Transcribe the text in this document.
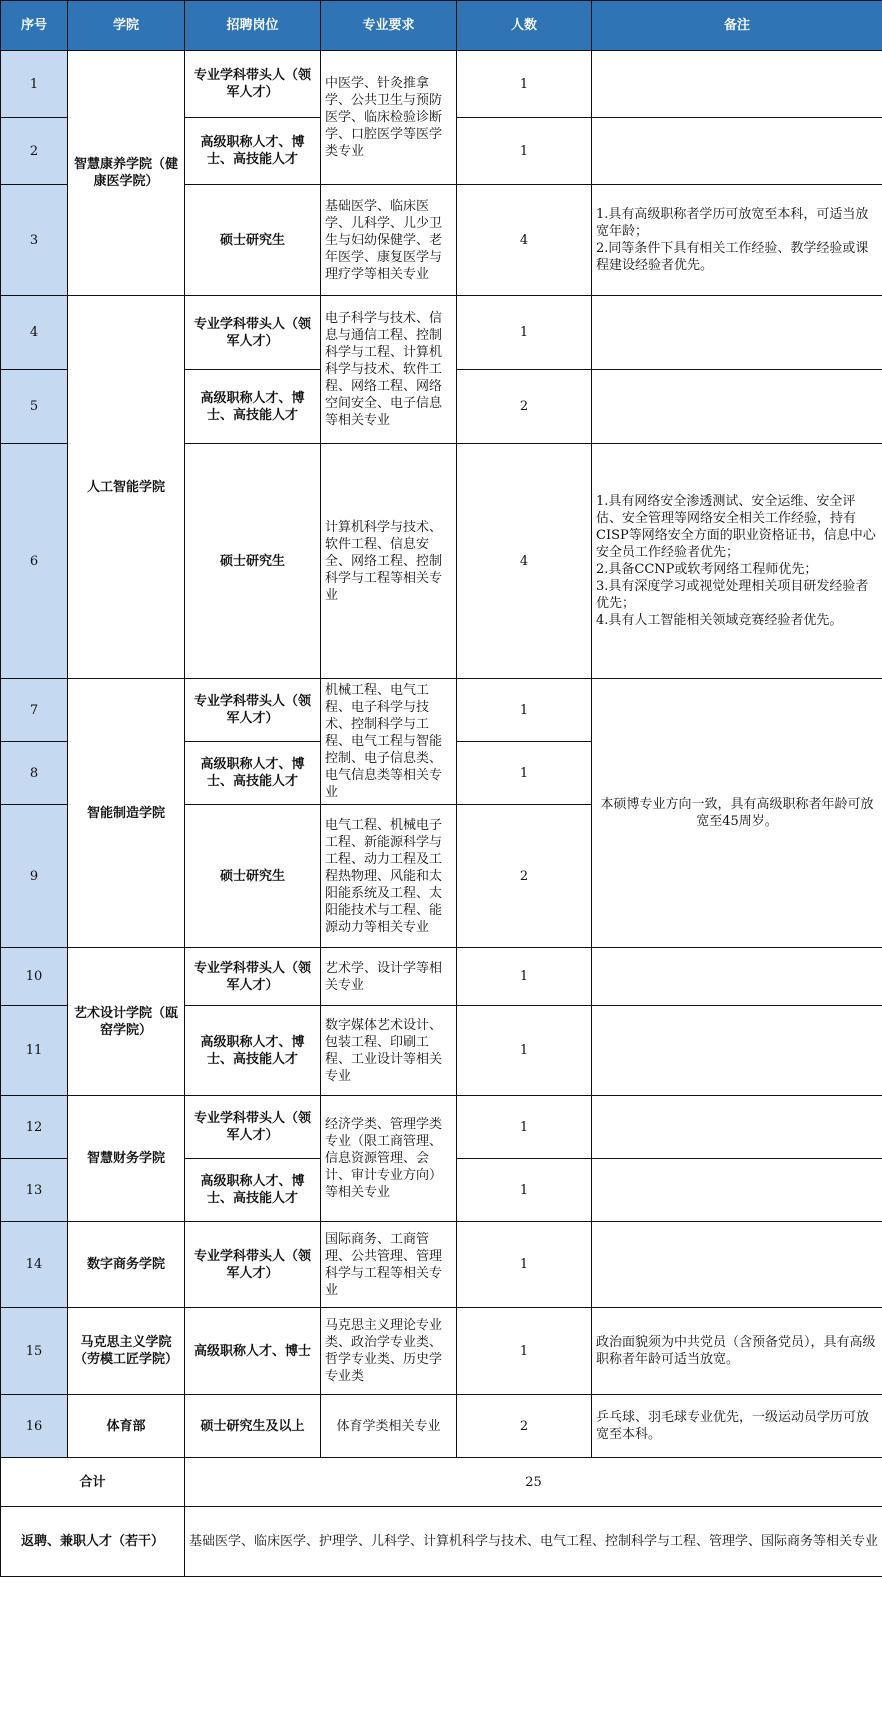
序号	学院	招聘岗位	专业要求	人数	备注
1	智慧康养学院（健康医学院）	专业学科带头人（领军人才）	中医学、针灸推拿学、公共卫生与预防医学、临床检验诊断学、口腔医学等医学类专业	1	
2		高级职称人才、博士、高技能人才		1	
3		硕士研究生	基础医学、临床医学、儿科学、儿少卫生与妇幼保健学、老年医学、康复医学与理疗学等相关专业	4	1.具有高级职称者学历可放宽至本科，可适当放宽年龄；
2.同等条件下具有相关工作经验、教学经验或课程建设经验者优先。
4	人工智能学院	专业学科带头人（领军人才）	电子科学与技术、信息与通信工程、控制科学与工程、计算机科学与技术、软件工程、网络工程、网络空间安全、电子信息等相关专业	1	
5		高级职称人才、博士、高技能人才		2	
6		硕士研究生	计算机科学与技术、软件工程、信息安全、网络工程、控制科学与工程等相关专业	4	1.具有网络安全渗透测试、安全运维、安全评估、安全管理等网络安全相关工作经验，持有CISP等网络安全方面的职业资格证书，信息中心安全员工作经验者优先；
2.具备CCNP或软考网络工程师优先；
3.具有深度学习或视觉处理相关项目研发经验者优先；
4.具有人工智能相关领域竞赛经验者优先。
7	智能制造学院	专业学科带头人（领军人才）	机械工程、电气工程、电子科学与技术、控制科学与工程、电气工程与智能控制、电子信息类、电气信息类等相关专业	1	本硕博专业方向一致，具有高级职称者年龄可放宽至45周岁。
8		高级职称人才、博士、高技能人才		1	
9		硕士研究生	电气工程、机械电子工程、新能源科学与工程、动力工程及工程热物理、风能和太阳能系统及工程、太阳能技术与工程、能源动力等相关专业	2	
10	艺术设计学院（瓯窑学院）	专业学科带头人（领军人才）	艺术学、设计学等相关专业	1	
11		高级职称人才、博士、高技能人才	数字媒体艺术设计、包装工程、印刷工程、工业设计等相关专业	1	
12	智慧财务学院	专业学科带头人（领军人才）	经济学类、管理学类专业（限工商管理、信息资源管理、会计、审计专业方向）等相关专业	1	
13		高级职称人才、博士、高技能人才		1	
14	数字商务学院	专业学科带头人（领军人才）	国际商务、工商管理、公共管理、管理科学与工程等相关专业	1	
15	马克思主义学院（劳模工匠学院）	高级职称人才、博士	马克思主义理论专业类、政治学专业类、哲学专业类、历史学专业类	1	政治面貌须为中共党员（含预备党员），具有高级职称者年龄可适当放宽。
16	体育部	硕士研究生及以上	体育学类相关专业	2	乒乓球、羽毛球专业优先，一级运动员学历可放宽至本科。
合计		25			
返聘、兼职人才（若干）		基础医学、临床医学、护理学、儿科学、计算机科学与技术、电气工程、控制科学与工程、管理学、国际商务等相关专业			
